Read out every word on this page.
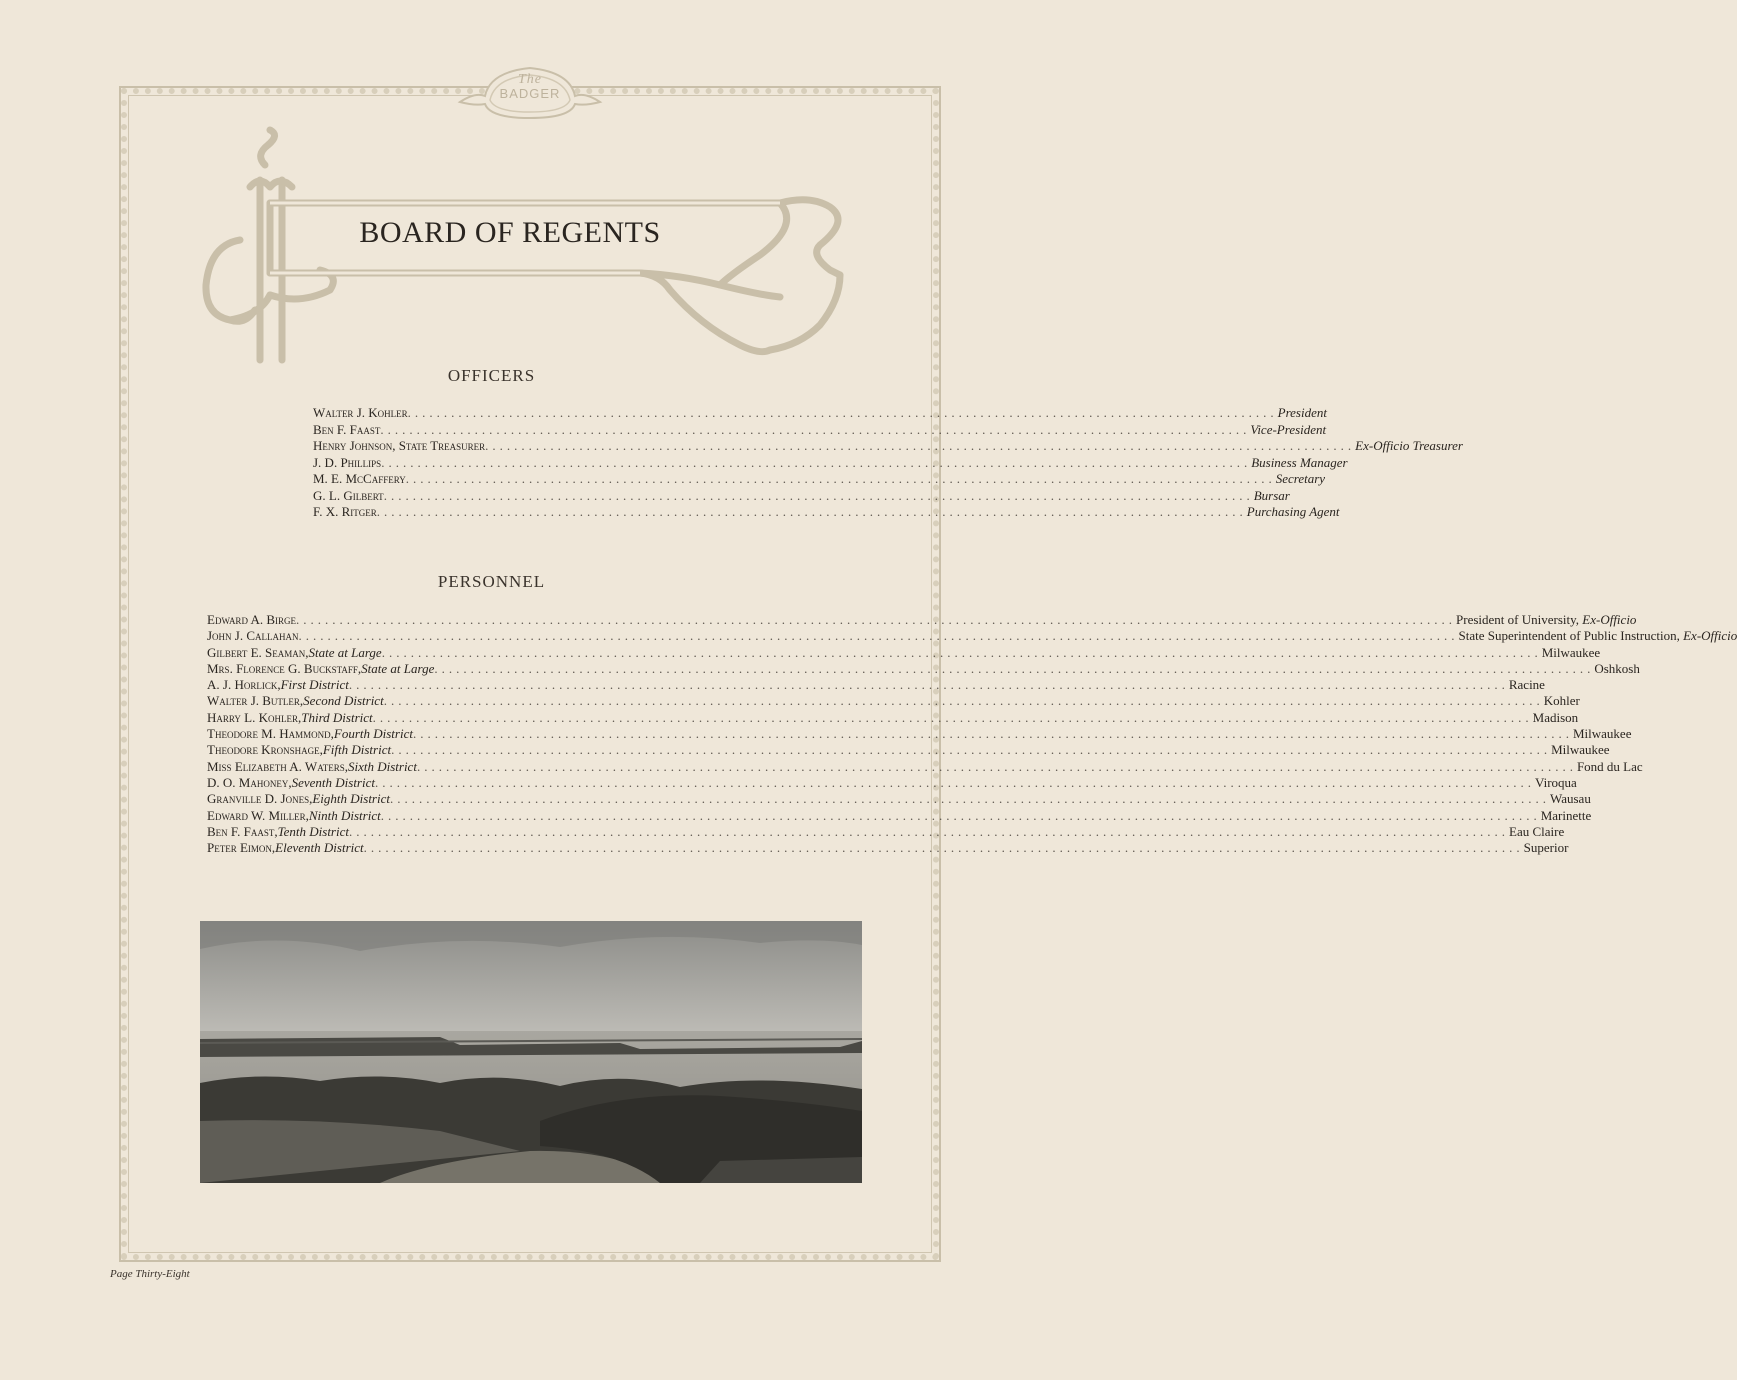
The
BADGER
BOARD OF REGENTS
OFFICERS
Walter J. Kohler ........................................................................................................................ President
Ben F. Faast ........................................................................................................................ Vice-President
Henry Johnson, State Treasurer ........................................................................................................................ Ex-Officio Treasurer
J. D. Phillips ........................................................................................................................ Business Manager
M. E. McCaffery ........................................................................................................................ Secretary
G. L. Gilbert ........................................................................................................................ Bursar
F. X. Ritger ........................................................................................................................ Purchasing Agent
PERSONNEL
Edward A. Birge ................................................................................................................................................................ President of University, Ex-Officio
John J. Callahan ................................................................................................................................................................ State Superintendent of Public Instruction, Ex-Officio
Gilbert E. Seaman, State at Large ................................................................................................................................................................ Milwaukee
Mrs. Florence G. Buckstaff, State at Large ................................................................................................................................................................ Oshkosh
A. J. Horlick, First District ................................................................................................................................................................ Racine
Walter J. Butler, Second District ................................................................................................................................................................ Kohler
Harry L. Kohler, Third District ................................................................................................................................................................ Madison
Theodore M. Hammond, Fourth District ................................................................................................................................................................ Milwaukee
Theodore Kronshage, Fifth District ................................................................................................................................................................ Milwaukee
Miss Elizabeth A. Waters, Sixth District ................................................................................................................................................................ Fond du Lac
D. O. Mahoney, Seventh District ................................................................................................................................................................ Viroqua
Granville D. Jones, Eighth District ................................................................................................................................................................ Wausau
Edward W. Miller, Ninth District ................................................................................................................................................................ Marinette
Ben F. Faast, Tenth District ................................................................................................................................................................ Eau Claire
Peter Eimon, Eleventh District ................................................................................................................................................................ Superior
Page Thirty-Eight
